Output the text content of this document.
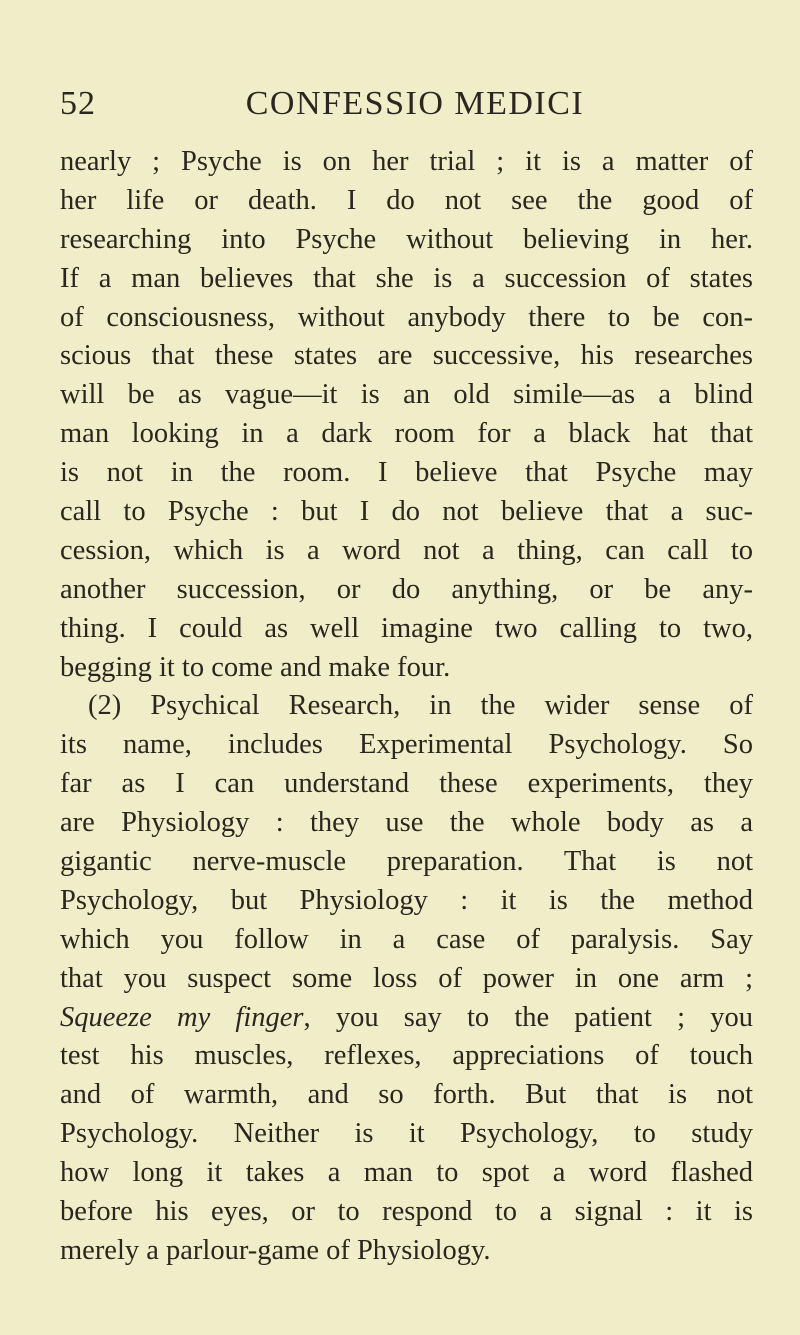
52	CONFESSIO MEDICI
nearly ; Psyche is on her trial ; it is a matter of
her life or death. I do not see the good of
researching into Psyche without believing in her.
If a man believes that she is a succession of states
of consciousness, without anybody there to be con-
scious that these states are successive, his researches
will be as vague—it is an old simile—as a blind
man looking in a dark room for a black hat that
is not in the room. I believe that Psyche may
call to Psyche : but I do not believe that a suc-
cession, which is a word not a thing, can call to
another succession, or do anything, or be any-
thing. I could as well imagine two calling to two,
begging it to come and make four.
(2) Psychical Research, in the wider sense of
its name, includes Experimental Psychology. So
far as I can understand these experiments, they
are Physiology : they use the whole body as a
gigantic nerve-muscle preparation. That is not
Psychology, but Physiology : it is the method
which you follow in a case of paralysis. Say
that you suspect some loss of power in one arm ;
Squeeze my finger, you say to the patient ; you
test his muscles, reflexes, appreciations of touch
and of warmth, and so forth. But that is not
Psychology. Neither is it Psychology, to study
how long it takes a man to spot a word flashed
before his eyes, or to respond to a signal : it is
merely a parlour-game of Physiology.
